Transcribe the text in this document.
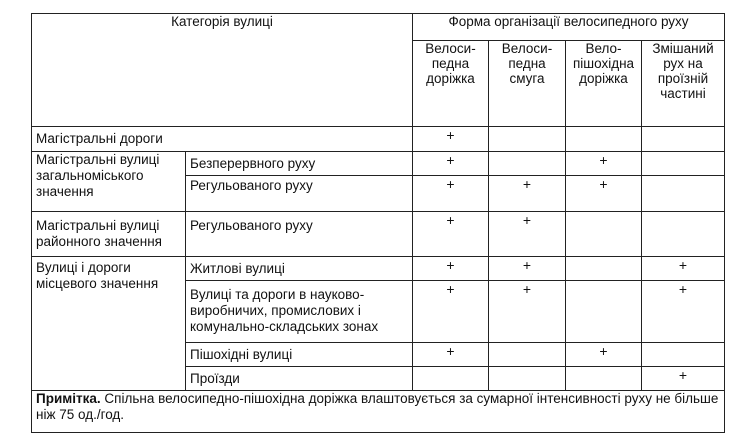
Категорія вулиці		Форма організації велосипедного руху			

		Велоси-
педна
доріжка	Велоси-
педна
смуга	Вело-
пішохідна
доріжка	Змішаний
рух на
проїзній
частині

Магістральні дороги		+			
Магістральні вулиці загальноміського значення	Безперервного руху	+		+	
	Регульованого руху	+	+	+	
Магістральні вулиці районного значення	Регульованого руху	+	+		
Вулиці і дороги місцевого значення	Житлові вулиці	+	+		+
	Вулиці та дороги в науково-виробничих, промислових і комунально-складських зонах	+	+		+
	Пішохідні вулиці	+		+	
	Проїзди				+
Примітка. Спільна велосипедно-пішохідна доріжка влаштовується за сумарної інтенсивності руху не більше ніж 75 од./год.					
